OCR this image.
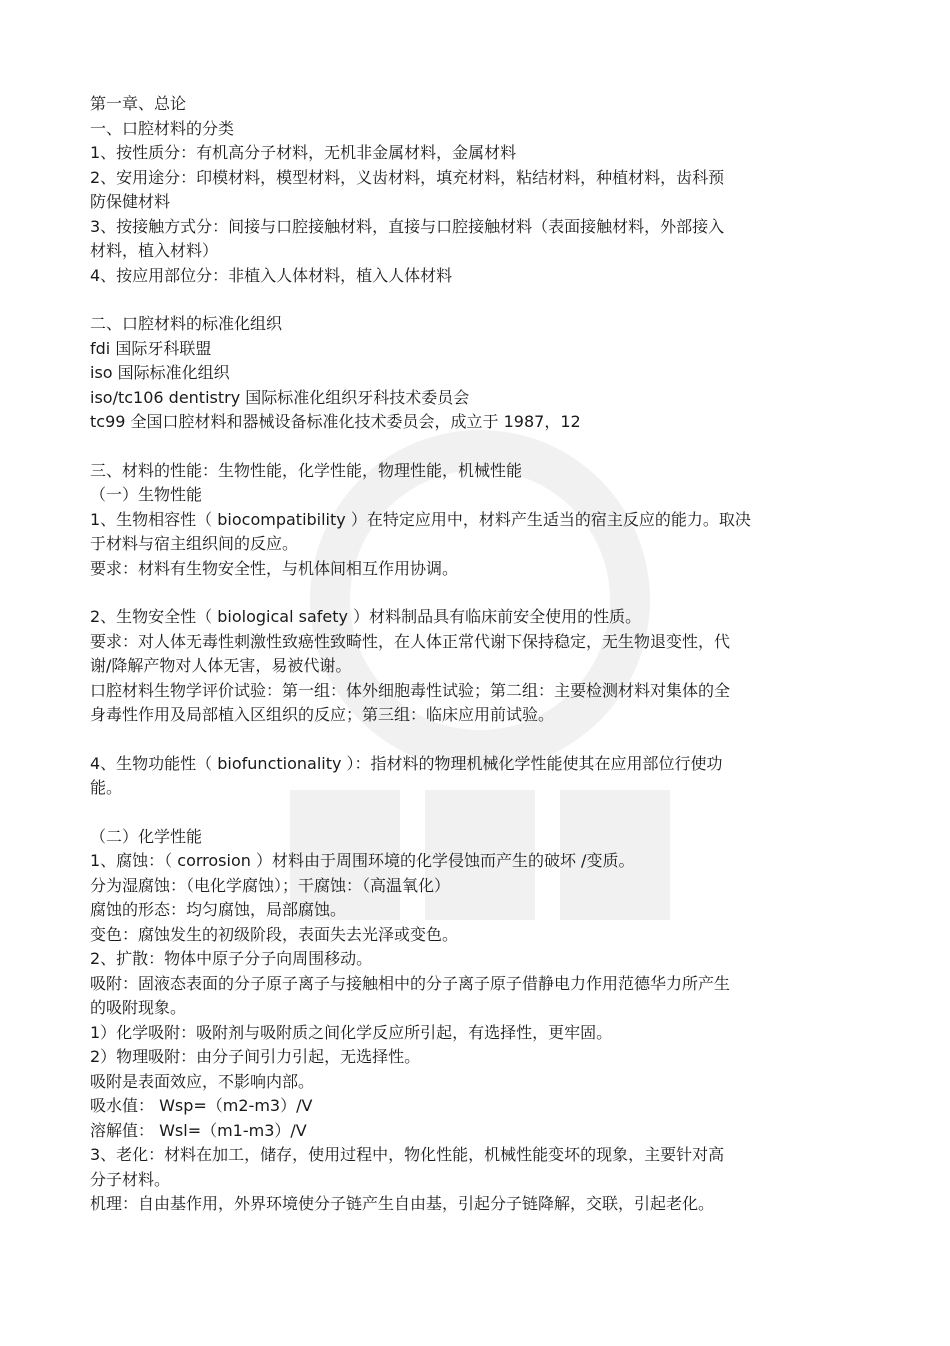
第一章、总论
一、口腔材料的分类
1、按性质分：有机高分子材料，无机非金属材料，金属材料
2、安用途分：印模材料，模型材料，义齿材料，填充材料，粘结材料，种植材料，齿科预
防保健材料
3、按接触方式分：间接与口腔接触材料，直接与口腔接触材料（表面接触材料，外部接入
材料，植入材料）
4、按应用部位分：非植入人体材料，植入人体材料
二、口腔材料的标准化组织
fdi 国际牙科联盟
iso 国际标准化组织
iso/tc106 dentistry 国际标准化组织牙科技术委员会
tc99 全国口腔材料和器械设备标准化技术委员会，成立于 1987，12
三、材料的性能：生物性能，化学性能，物理性能，机械性能
（一）生物性能
1、生物相容性（ biocompatibility ）在特定应用中，材料产生适当的宿主反应的能力。取决
于材料与宿主组织间的反应。
要求：材料有生物安全性，与机体间相互作用协调。
2、生物安全性（ biological safety ）材料制品具有临床前安全使用的性质。
要求：对人体无毒性刺激性致癌性致畸性，在人体正常代谢下保持稳定，无生物退变性，代
谢/降解产物对人体无害，易被代谢。
口腔材料生物学评价试验：第一组：体外细胞毒性试验；第二组：主要检测材料对集体的全
身毒性作用及局部植入区组织的反应；第三组：临床应用前试验。
4、生物功能性（ biofunctionality ）：指材料的物理机械化学性能使其在应用部位行使功
能。
（二）化学性能
1、腐蚀：（ corrosion ）材料由于周围环境的化学侵蚀而产生的破坏 /变质。
分为湿腐蚀：（电化学腐蚀）；干腐蚀：（高温氧化）
腐蚀的形态：均匀腐蚀，局部腐蚀。
变色：腐蚀发生的初级阶段，表面失去光泽或变色。
2、扩散：物体中原子分子向周围移动。
吸附：固液态表面的分子原子离子与接触相中的分子离子原子借静电力作用范德华力所产生
的吸附现象。
1）化学吸附：吸附剂与吸附质之间化学反应所引起，有选择性，更牢固。
2）物理吸附：由分子间引力引起，无选择性。
吸附是表面效应，不影响内部。
吸水值： Wsp=（m2-m3）/V
溶解值： Wsl=（m1-m3）/V
3、老化：材料在加工，储存，使用过程中，物化性能，机械性能变坏的现象，主要针对高
分子材料。
机理：自由基作用，外界环境使分子链产生自由基，引起分子链降解，交联，引起老化。
